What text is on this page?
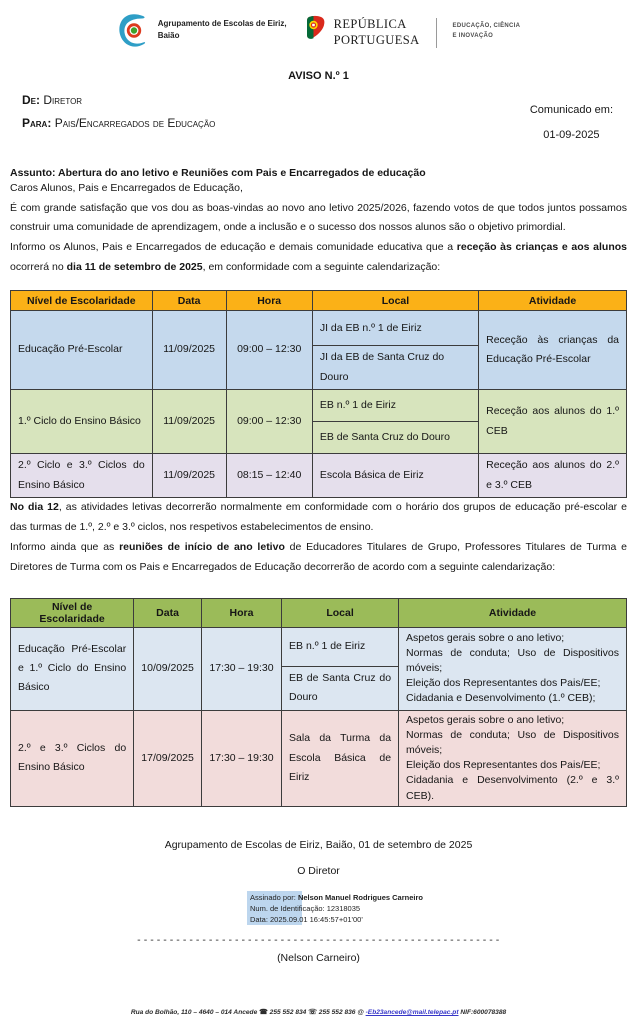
Agrupamento de Escolas de Eiriz,
Baião
REPÚBLICA
PORTUGUESA
EDUCAÇÃO, CIÊNCIA
E INOVAÇÃO
AVISO N.º 1
De: Diretor
Para: Pais/Encarregados de Educação
Comunicado em:
01-09-2025
Assunto: Abertura do ano letivo e Reuniões com Pais e Encarregados de educação

Caros Alunos, Pais e Encarregados de Educação,

É com grande satisfação que vos dou as boas-vindas ao novo ano letivo 2025/2026, fazendo votos de que todos juntos possamos construir uma comunidade de aprendizagem, onde a inclusão e o sucesso dos nossos alunos são o objetivo primordial.

Informo os Alunos, Pais e Encarregados de educação e demais comunidade educativa que a receção às crianças e aos alunos ocorrerá no dia 11 de setembro de 2025, em conformidade com a seguinte calendarização:

Nível de Escolaridade	Data	Hora	Local	Atividade
Educação Pré-Escolar	11/09/2025	09:00 – 12:30	JI da EB n.º 1 de Eiriz	Receção às crianças da Educação Pré-Escolar
			JI da EB de Santa Cruz do Douro	
1.º Ciclo do Ensino Básico	11/09/2025	09:00 – 12:30	EB n.º 1 de Eiriz	Receção aos alunos do 1.º CEB
			EB de Santa Cruz do Douro	
2.º Ciclo e 3.º Ciclos do Ensino Básico	11/09/2025	08:15 – 12:40	Escola Básica de Eiriz	Receção aos alunos do 2.º e 3.º CEB

No dia 12, as atividades letivas decorrerão normalmente em conformidade com o horário dos grupos de educação pré-escolar e das turmas de 1.º, 2.º e 3.º ciclos, nos respetivos estabelecimentos de ensino.

Informo ainda que as reuniões de início de ano letivo de Educadores Titulares de Grupo, Professores Titulares de Turma e Diretores de Turma com os Pais e Encarregados de Educação decorrerão de acordo com a seguinte calendarização:

Nível de Escolaridade	Data	Hora	Local	Atividade
Educação Pré-Escolar e 1.º Ciclo do Ensino Básico	10/09/2025	17:30 – 19:30	EB n.º 1 de Eiriz	Aspetos gerais sobre o ano letivo;
Normas de conduta; Uso de Dispositivos móveis;
Eleição dos Representantes dos Pais/EE;
Cidadania e Desenvolvimento (1.º CEB);

			EB de Santa Cruz do Douro	
2.º e 3.º Ciclos do Ensino Básico	17/09/2025	17:30 – 19:30	Sala da Turma da Escola Básica de Eiriz	Aspetos gerais sobre o ano letivo;
Normas de conduta; Uso de Dispositivos móveis;
Eleição dos Representantes dos Pais/EE;
Cidadania e Desenvolvimento (2.º e 3.º CEB).
Agrupamento de Escolas de Eiriz, Baião, 01 de setembro de 2025
O Diretor
Assinado por: Nelson Manuel Rodrigues Carneiro
Num. de Identificação: 12318035
Data: 2025.09.01 16:45:57+01'00'
--------------------------------------------------------
(Nelson Carneiro)
Rua do Bolhão, 110 – 4640 – 014 Ancede ☎ 255 552 834 ☏ 255 552 836 @ -Eb23ancede@mail.telepac.pt NIF:600078388
